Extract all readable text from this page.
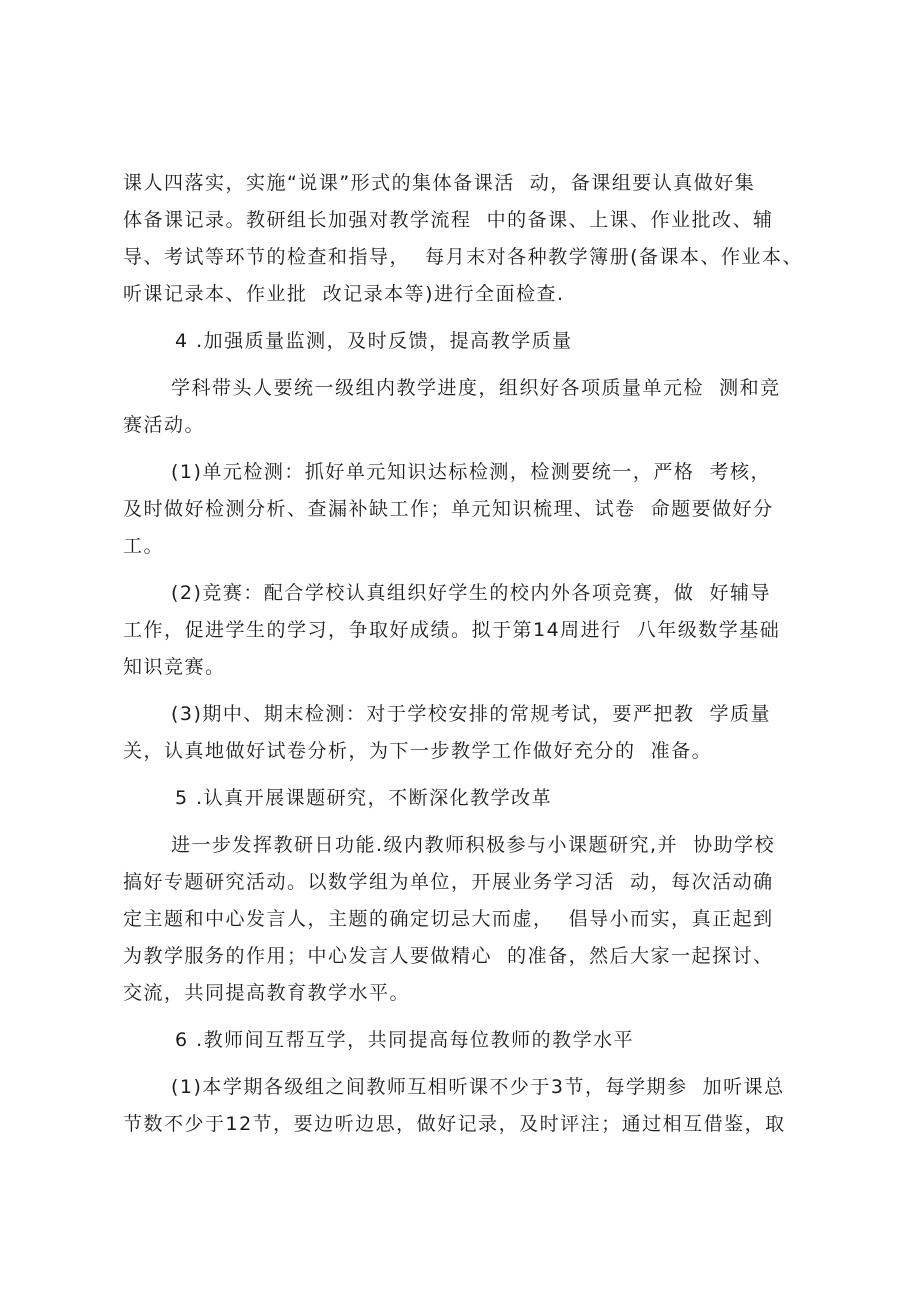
课人四落实，实施“说课”形式的集体备课活  动，备课组要认真做好集
体备课记录。教研组长加强对教学流程  中的备课、上课、作业批改、辅
导、考试等环节的检查和指导，  每月末对各种教学簿册(备课本、作业本、
听课记录本、作业批  改记录本等)进行全面检查.
4 .加强质量监测，及时反馈，提高教学质量
学科带头人要统一级组内教学进度，组织好各项质量单元检  测和竞
赛活动。
(1)单元检测：抓好单元知识达标检测，检测要统一，严格  考核，
及时做好检测分析、查漏补缺工作；单元知识梳理、试卷  命题要做好分
工。
(2)竞赛：配合学校认真组织好学生的校内外各项竞赛，做  好辅导
工作，促进学生的学习，争取好成绩。拟于第14周进行  八年级数学基础
知识竞赛。
(3)期中、期末检测：对于学校安排的常规考试，要严把教  学质量
关，认真地做好试卷分析，为下一步教学工作做好充分的  准备。
5 .认真开展课题研究，不断深化教学改革
进一步发挥教研日功能.级内教师积极参与小课题研究,并  协助学校
搞好专题研究活动。以数学组为单位，开展业务学习活  动，每次活动确
定主题和中心发言人，主题的确定切忌大而虚，  倡导小而实，真正起到
为教学服务的作用；中心发言人要做精心  的准备，然后大家一起探讨、
交流，共同提高教育教学水平。
6 .教师间互帮互学，共同提高每位教师的教学水平
(1)本学期各级组之间教师互相听课不少于3节，每学期参  加听课总
节数不少于12节，要边听边思，做好记录，及时评注；通过相互借鉴，取
